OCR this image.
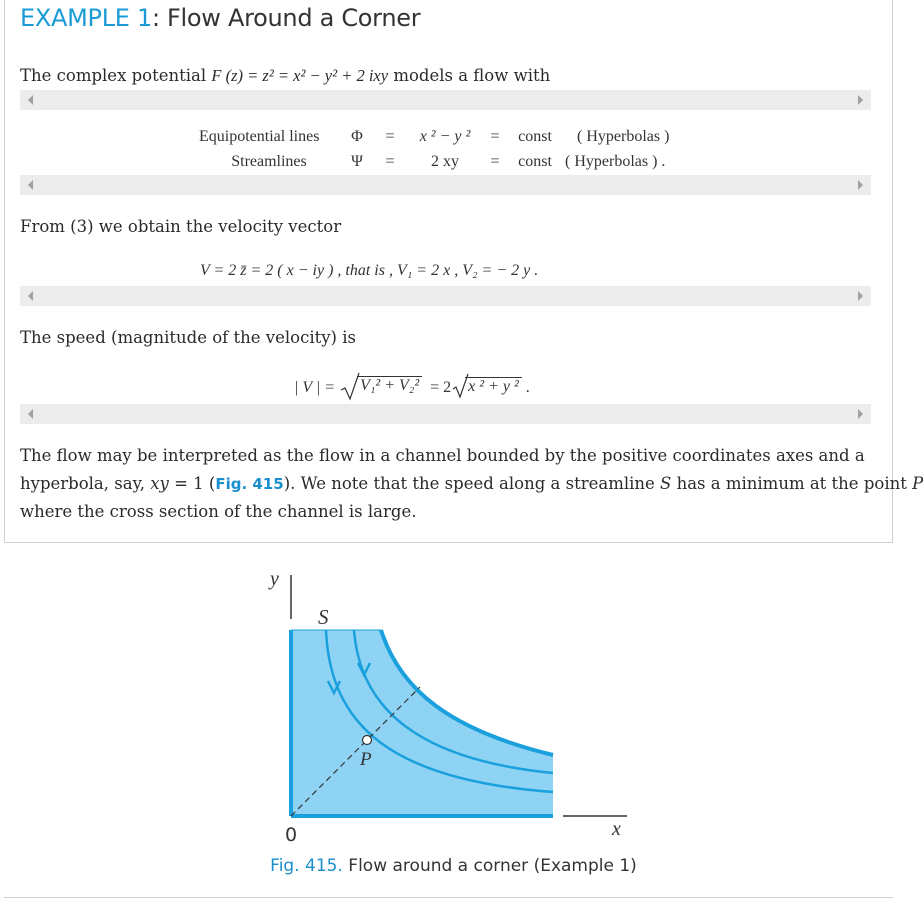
EXAMPLE 1: Flow Around a Corner

The complex potential F (z) = z² = x² − y² + 2 ixy models a flow with

Equipotential lines Φ = x ² − y ² = const ( Hyperbolas )
Streamlines	Ψ = 2 xy = const ( Hyperbolas ) .

From (3) we obtain the velocity vector

V = 2 z̄ = 2 ( x − iy ) , that is , V₁ = 2 x , V₂ = − 2 y .

The speed (magnitude of the velocity) is

| V | = V₁² + V₂² = 2 x ² + y ² .

The flow may be interpreted as the flow in a channel bounded by the positive coordinates axes and a

hyperbola, say, xy = 1 (Fig. 415). We note that the speed along a streamline S has a minimum at the point P

where the cross section of the channel is large.

y
x
0
S
P
Fig. 415. Flow around a corner (Example 1)
